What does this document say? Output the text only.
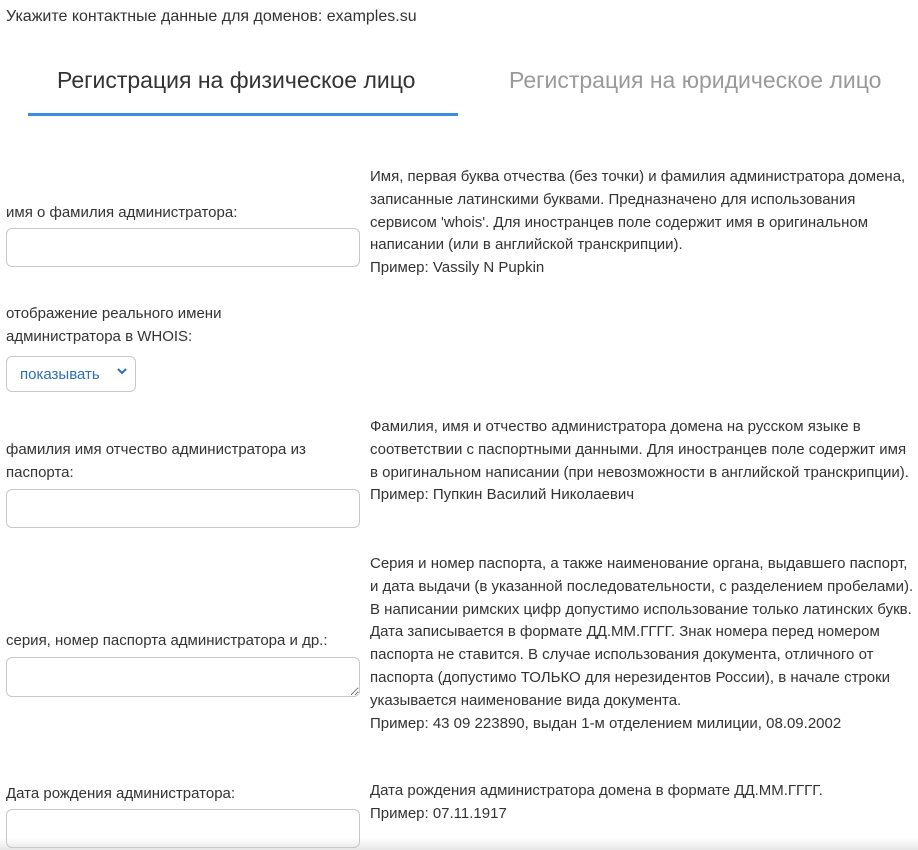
Укажите контактные данные для доменов: examples.su
Регистрация на физическое лицо	Регистрация на юридическое лицо
имя о фамилия администратора:
Имя, первая буква отчества (без точки) и фамилия администратора домена, записанные латинскими буквами. Предназначено для использования сервисом 'whois'. Для иностранцев поле содержит имя в оригинальном написании (или в английской транскрипции).
Пример: Vassily N Pupkin
отображение реального имени администратора в WHOIS:
показывать
фамилия имя отчество администратора из паспорта:
Фамилия, имя и отчество администратора домена на русском языке в соответствии с паспортными данными. Для иностранцев поле содержит имя в оригинальном написании (при невозможности в английской транскрипции).
Пример: Пупкин Василий Николаевич
серия, номер паспорта администратора и др.:
Серия и номер паспорта, а также наименование органа, выдавшего паспорт, и дата выдачи (в указанной последовательности, с разделением пробелами). В написании римских цифр допустимо использование только латинских букв. Дата записывается в формате ДД.ММ.ГГГГ. Знак номера перед номером паспорта не ставится. В случае использования документа, отличного от паспорта (допустимо ТОЛЬКО для нерезидентов России), в начале строки указывается наименование вида документа.
Пример: 43 09 223890, выдан 1-м отделением милиции, 08.09.2002
Дата рождения администратора:	Дата рождения администратора домена в формате ДД.ММ.ГГГГ.
Пример: 07.11.1917
